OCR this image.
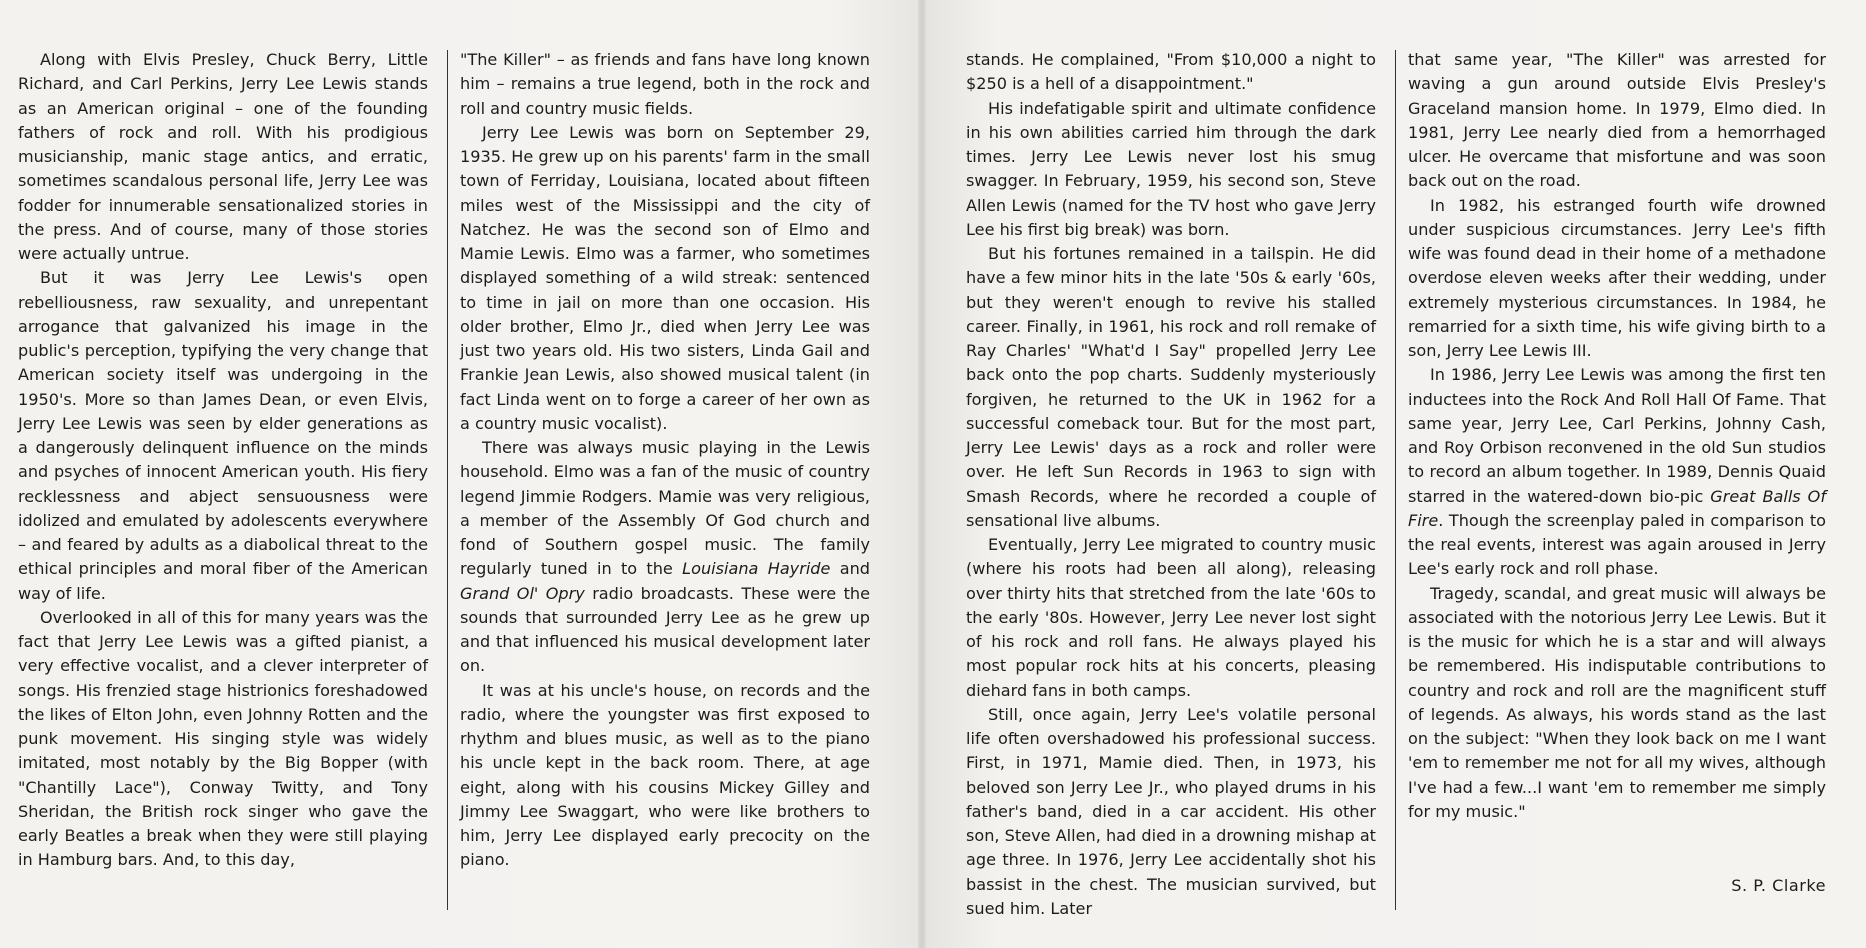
Along with Elvis Presley, Chuck Berry, Little Richard, and Carl Perkins, Jerry Lee Lewis stands as an American original – one of the founding fathers of rock and roll. With his prodigious musicianship, manic stage antics, and erratic, sometimes scandalous personal life, Jerry Lee was fodder for innumerable sensationalized stories in the press. And of course, many of those stories were actually untrue.

But it was Jerry Lee Lewis's open rebelliousness, raw sexuality, and unrepentant arrogance that galvanized his image in the public's perception, typifying the very change that American society itself was undergoing in the 1950's. More so than James Dean, or even Elvis, Jerry Lee Lewis was seen by elder generations as a dangerously delinquent influence on the minds and psyches of innocent American youth. His fiery recklessness and abject sensuousness were idolized and emulated by adolescents everywhere – and feared by adults as a diabolical threat to the ethical principles and moral fiber of the American way of life.

Overlooked in all of this for many years was the fact that Jerry Lee Lewis was a gifted pianist, a very effective vocalist, and a clever interpreter of songs. His frenzied stage histrionics foreshadowed the likes of Elton John, even Johnny Rotten and the punk movement. His singing style was widely imitated, most notably by the Big Bopper (with "Chantilly Lace"), Conway Twitty, and Tony Sheridan, the British rock singer who gave the early Beatles a break when they were still playing in Hamburg bars. And, to this day,

"The Killer" – as friends and fans have long known him – remains a true legend, both in the rock and roll and country music fields.

Jerry Lee Lewis was born on September 29, 1935. He grew up on his parents' farm in the small town of Ferriday, Louisiana, located about fifteen miles west of the Mississippi and the city of Natchez. He was the second son of Elmo and Mamie Lewis. Elmo was a farmer, who sometimes displayed something of a wild streak: sentenced to time in jail on more than one occasion. His older brother, Elmo Jr., died when Jerry Lee was just two years old. His two sisters, Linda Gail and Frankie Jean Lewis, also showed musical talent (in fact Linda went on to forge a career of her own as a country music vocalist).

There was always music playing in the Lewis household. Elmo was a fan of the music of country legend Jimmie Rodgers. Mamie was very religious, a member of the Assembly Of God church and fond of Southern gospel music. The family regularly tuned in to the Louisiana Hayride and Grand Ol' Opry radio broadcasts. These were the sounds that surrounded Jerry Lee as he grew up and that influenced his musical development later on.

It was at his uncle's house, on records and the radio, where the youngster was first exposed to rhythm and blues music, as well as to the piano his uncle kept in the back room. There, at age eight, along with his cousins Mickey Gilley and Jimmy Lee Swaggart, who were like brothers to him, Jerry Lee displayed early precocity on the piano.

stands. He complained, "From $10,000 a night to $250 is a hell of a disappointment."

His indefatigable spirit and ultimate confidence in his own abilities carried him through the dark times. Jerry Lee Lewis never lost his smug swagger. In February, 1959, his second son, Steve Allen Lewis (named for the TV host who gave Jerry Lee his first big break) was born.

But his fortunes remained in a tailspin. He did have a few minor hits in the late '50s & early '60s, but they weren't enough to revive his stalled career. Finally, in 1961, his rock and roll remake of Ray Charles' "What'd I Say" propelled Jerry Lee back onto the pop charts. Suddenly mysteriously forgiven, he returned to the UK in 1962 for a successful comeback tour. But for the most part, Jerry Lee Lewis' days as a rock and roller were over. He left Sun Records in 1963 to sign with Smash Records, where he recorded a couple of sensational live albums.

Eventually, Jerry Lee migrated to country music (where his roots had been all along), releasing over thirty hits that stretched from the late '60s to the early '80s. However, Jerry Lee never lost sight of his rock and roll fans. He always played his most popular rock hits at his concerts, pleasing diehard fans in both camps.

Still, once again, Jerry Lee's volatile personal life often overshadowed his professional success. First, in 1971, Mamie died. Then, in 1973, his beloved son Jerry Lee Jr., who played drums in his father's band, died in a car accident. His other son, Steve Allen, had died in a drowning mishap at age three. In 1976, Jerry Lee accidentally shot his bassist in the chest. The musician survived, but sued him. Later

that same year, "The Killer" was arrested for waving a gun around outside Elvis Presley's Graceland mansion home. In 1979, Elmo died. In 1981, Jerry Lee nearly died from a hemorrhaged ulcer. He overcame that misfortune and was soon back out on the road.

In 1982, his estranged fourth wife drowned under suspicious circumstances. Jerry Lee's fifth wife was found dead in their home of a methadone overdose eleven weeks after their wedding, under extremely mysterious circumstances. In 1984, he remarried for a sixth time, his wife giving birth to a son, Jerry Lee Lewis III.

In 1986, Jerry Lee Lewis was among the first ten inductees into the Rock And Roll Hall Of Fame. That same year, Jerry Lee, Carl Perkins, Johnny Cash, and Roy Orbison reconvened in the old Sun studios to record an album together. In 1989, Dennis Quaid starred in the watered-down bio-pic Great Balls Of Fire. Though the screenplay paled in comparison to the real events, interest was again aroused in Jerry Lee's early rock and roll phase.

Tragedy, scandal, and great music will always be associated with the notorious Jerry Lee Lewis. But it is the music for which he is a star and will always be remembered. His indisputable contributions to country and rock and roll are the magnificent stuff of legends. As always, his words stand as the last on the subject: "When they look back on me I want 'em to remember me not for all my wives, although I've had a few...I want 'em to remember me simply for my music."

S. P. Clarke
